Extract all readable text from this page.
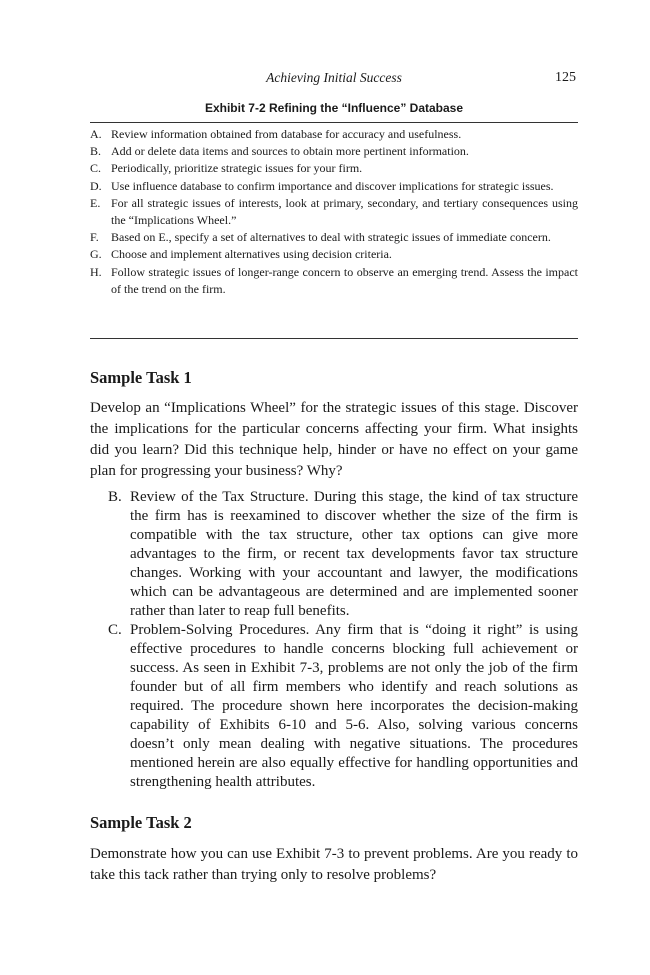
Achieving Initial Success	125
Exhibit 7-2 Refining the “Influence” Database
A. Review information obtained from database for accuracy and usefulness.
B. Add or delete data items and sources to obtain more pertinent information.
C. Periodically, prioritize strategic issues for your firm.
D. Use influence database to confirm importance and discover implications for strategic issues.
E. For all strategic issues of interests, look at primary, secondary, and tertiary consequences using the “Implications Wheel.”
F. Based on E., specify a set of alternatives to deal with strategic issues of immediate concern.
G. Choose and implement alternatives using decision criteria.
H. Follow strategic issues of longer-range concern to observe an emerging trend. Assess the impact of the trend on the firm.
Sample Task 1
Develop an “Implications Wheel” for the strategic issues of this stage. Discover the implications for the particular concerns affecting your firm. What insights did you learn? Did this technique help, hinder or have no effect on your game plan for progressing your business? Why?
B. Review of the Tax Structure. During this stage, the kind of tax structure the firm has is reexamined to discover whether the size of the firm is compatible with the tax structure, other tax options can give more advantages to the firm, or recent tax developments favor tax structure changes. Working with your accountant and lawyer, the modifications which can be advantageous are determined and are implemented sooner rather than later to reap full benefits.
C. Problem-Solving Procedures. Any firm that is “doing it right” is using effective procedures to handle concerns blocking full achievement or success. As seen in Exhibit 7-3, problems are not only the job of the firm founder but of all firm members who identify and reach solutions as required. The procedure shown here incorporates the decision-making capability of Exhibits 6-10 and 5-6. Also, solving various concerns doesn’t only mean dealing with negative situations. The procedures mentioned herein are also equally effective for handling opportunities and strengthening health attributes.
Sample Task 2
Demonstrate how you can use Exhibit 7-3 to prevent problems. Are you ready to take this tack rather than trying only to resolve problems?
